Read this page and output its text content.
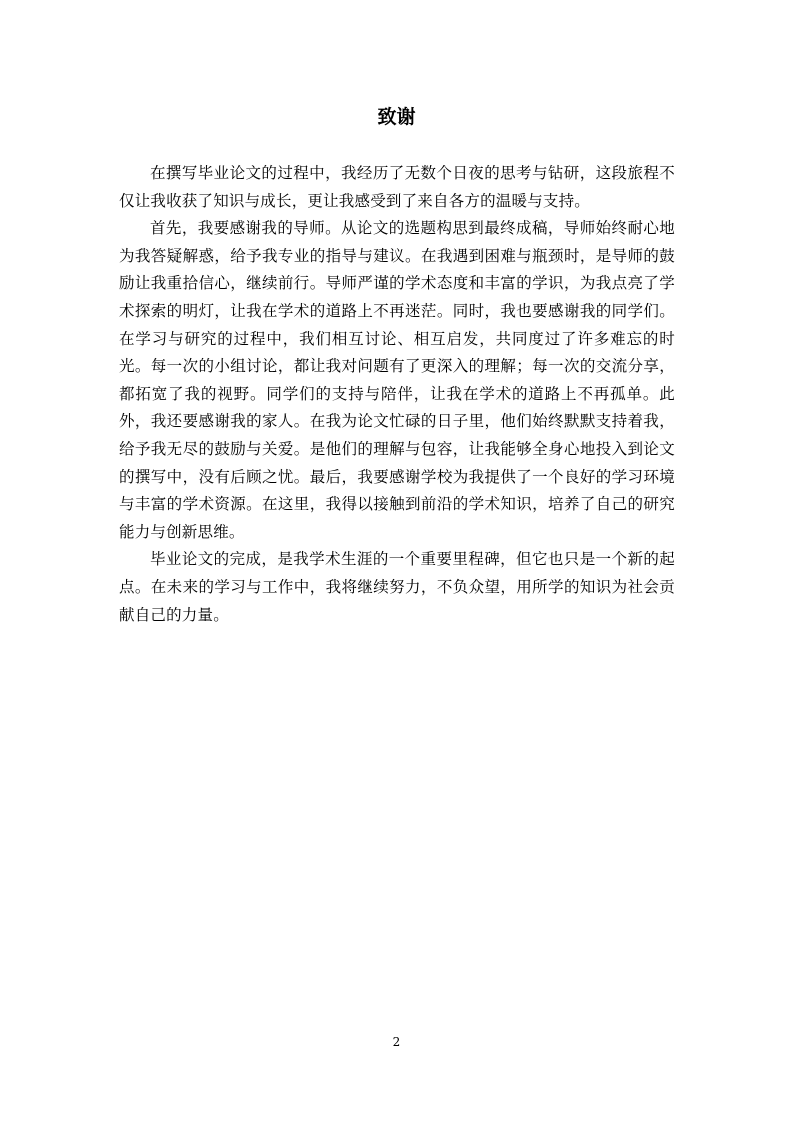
致谢

在撰写毕业论文的过程中，我经历了无数个日夜的思考与钻研，这段旅程不仅让我收获了知识与成长，更让我感受到了来自各方的温暖与支持。

首先，我要感谢我的导师。从论文的选题构思到最终成稿，导师始终耐心地为我答疑解惑，给予我专业的指导与建议。在我遇到困难与瓶颈时，是导师的鼓励让我重拾信心，继续前行。导师严谨的学术态度和丰富的学识，为我点亮了学术探索的明灯，让我在学术的道路上不再迷茫。同时，我也要感谢我的同学们。在学习与研究的过程中，我们相互讨论、相互启发，共同度过了许多难忘的时光。每一次的小组讨论，都让我对问题有了更深入的理解；每一次的交流分享，都拓宽了我的视野。同学们的支持与陪伴，让我在学术的道路上不再孤单。此外，我还要感谢我的家人。在我为论文忙碌的日子里，他们始终默默支持着我，给予我无尽的鼓励与关爱。是他们的理解与包容，让我能够全身心地投入到论文的撰写中，没有后顾之忧。最后，我要感谢学校为我提供了一个良好的学习环境与丰富的学术资源。在这里，我得以接触到前沿的学术知识，培养了自己的研究能力与创新思维。

毕业论文的完成，是我学术生涯的一个重要里程碑，但它也只是一个新的起点。在未来的学习与工作中，我将继续努力，不负众望，用所学的知识为社会贡献自己的力量。

2
